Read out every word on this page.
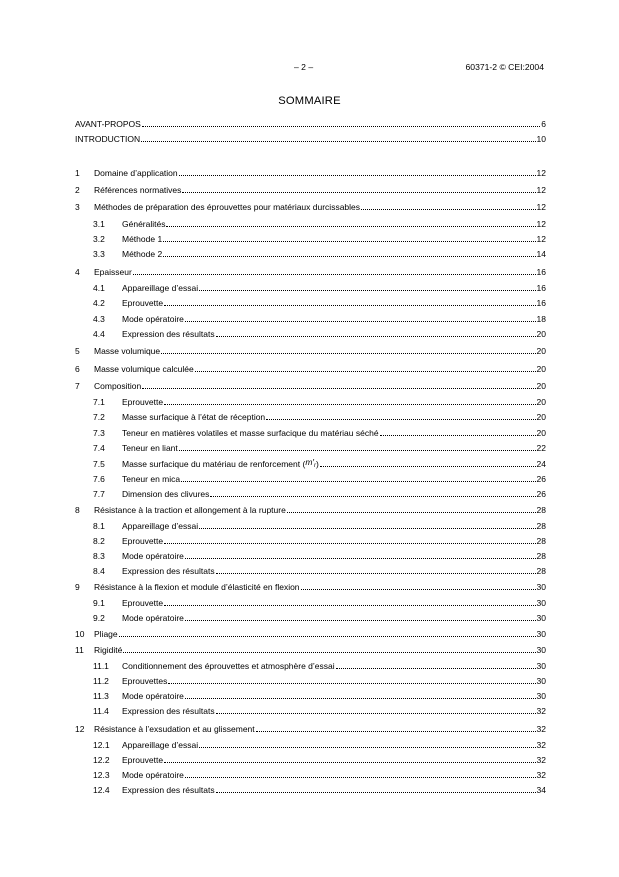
– 2 –	60371-2 © CEI:2004
SOMMAIRE
AVANT-PROPOS	6
INTRODUCTION	10
1	Domaine d’application	12
2	Références normatives	12
3	Méthodes de préparation des éprouvettes pour matériaux durcissables	12
3.1	Généralités	12
3.2	Méthode 1	12
3.3	Méthode 2	14
4	Epaisseur	16
4.1	Appareillage d’essai	16
4.2	Eprouvette	16
4.3	Mode opératoire	18
4.4	Expression des résultats	20
5	Masse volumique	20
6	Masse volumique calculée	20
7	Composition	20
7.1	Eprouvette	20
7.2	Masse surfacique à l’état de réception	20
7.3	Teneur en matières volatiles et masse surfacique du matériau séché	20
7.4	Teneur en liant	22
7.5	Masse surfacique du matériau de renforcement ( $m'_r$ )	24
7.6	Teneur en mica	26
7.7	Dimension des clivures	26
8	Résistance à la traction et allongement à la rupture	28
8.1	Appareillage d’essai	28
8.2	Eprouvette	28
8.3	Mode opératoire	28
8.4	Expression des résultats	28
9	Résistance à la flexion et module d’élasticité en flexion	30
9.1	Eprouvette	30
9.2	Mode opératoire	30
10	Pliage	30
11	Rigidité	30
11.1	Conditionnement des éprouvettes et atmosphère d’essai	30
11.2	Eprouvettes	30
11.3	Mode opératoire	30
11.4	Expression des résultats	32
12	Résistance à l’exsudation et au glissement	32
12.1	Appareillage d’essai	32
12.2	Eprouvette	32
12.3	Mode opératoire	32
12.4	Expression des résultats	34
